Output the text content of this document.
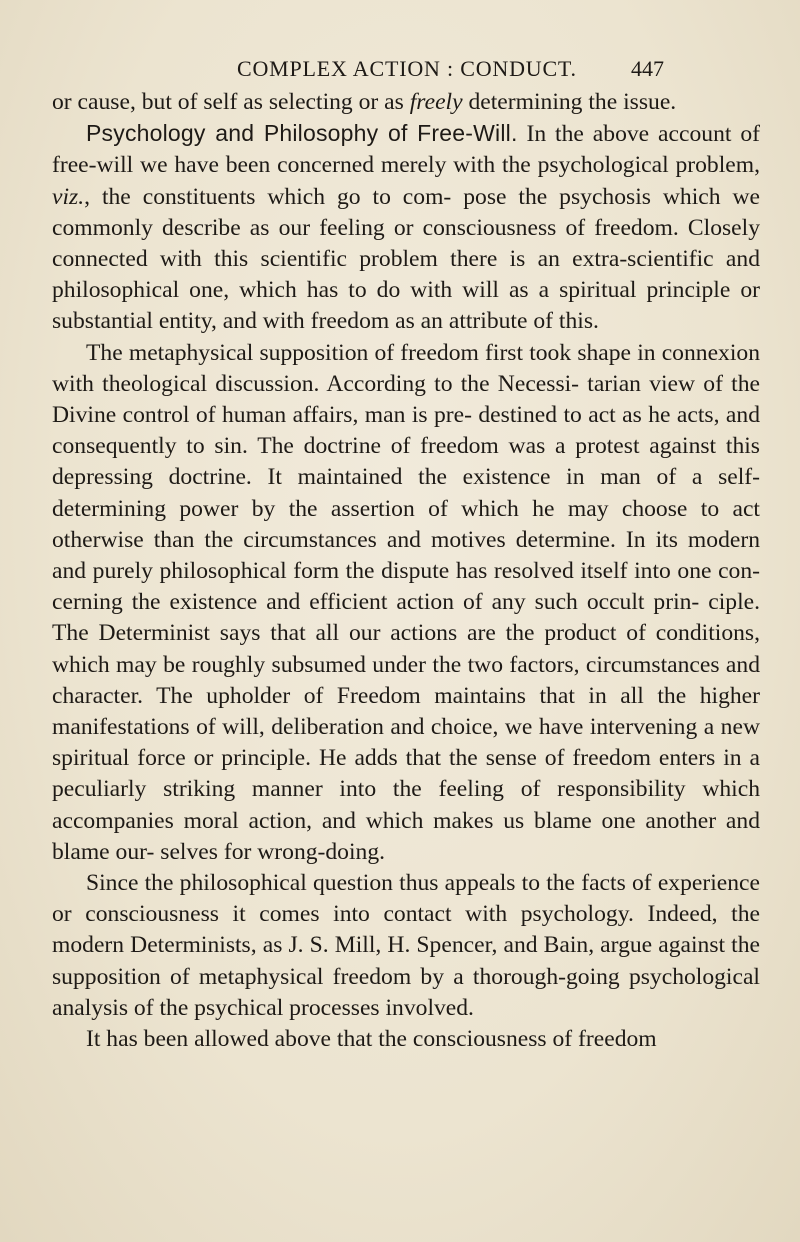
COMPLEX ACTION : CONDUCT. 447

or cause, but of self as selecting or as freely determining the issue.

Psychology and Philosophy of Free-Will. In the above account of free-will we have been concerned merely with the psychological problem, viz., the constituents which go to com- pose the psychosis which we commonly describe as our feeling or consciousness of freedom. Closely connected with this scientific problem there is an extra-scientific and philosophical one, which has to do with will as a spiritual principle or substantial entity, and with freedom as an attribute of this.

The metaphysical supposition of freedom first took shape in connexion with theological discussion. According to the Necessi- tarian view of the Divine control of human affairs, man is pre- destined to act as he acts, and consequently to sin. The doctrine of freedom was a protest against this depressing doctrine. It maintained the existence in man of a self-determining power by the assertion of which he may choose to act otherwise than the circumstances and motives determine. In its modern and purely philosophical form the dispute has resolved itself into one con- cerning the existence and efficient action of any such occult prin- ciple. The Determinist says that all our actions are the product of conditions, which may be roughly subsumed under the two factors, circumstances and character. The upholder of Freedom maintains that in all the higher manifestations of will, deliberation and choice, we have intervening a new spiritual force or principle. He adds that the sense of freedom enters in a peculiarly striking manner into the feeling of responsibility which accompanies moral action, and which makes us blame one another and blame our- selves for wrong-doing.

Since the philosophical question thus appeals to the facts of experience or consciousness it comes into contact with psychology. Indeed, the modern Determinists, as J. S. Mill, H. Spencer, and Bain, argue against the supposition of metaphysical freedom by a thorough-going psychological analysis of the psychical processes involved.

It has been allowed above that the consciousness of freedom
